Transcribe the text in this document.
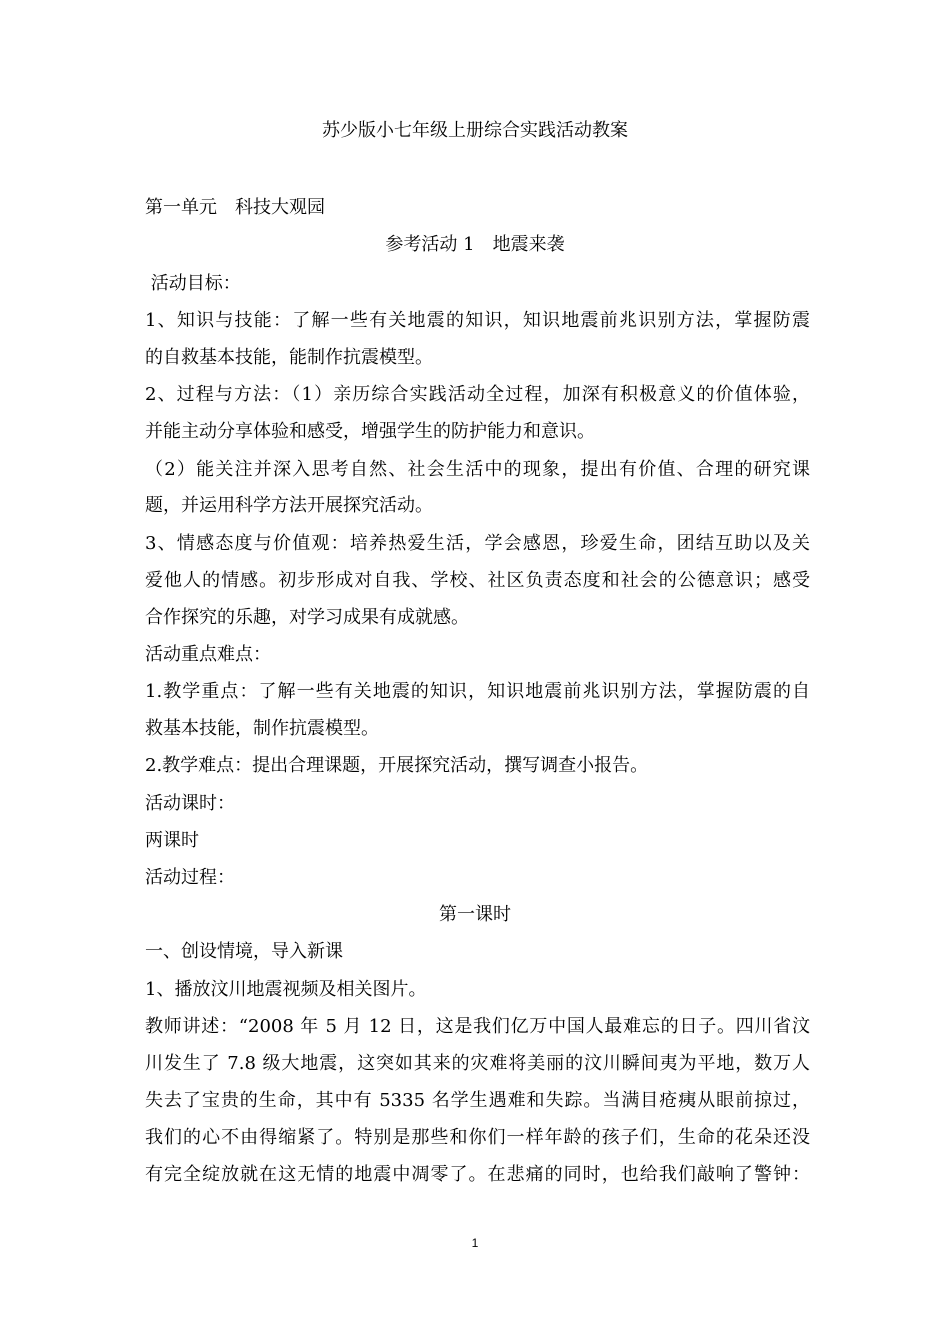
苏少版小七年级上册综合实践活动教案
第一单元　科技大观园
参考活动 1　地震来袭
活动目标：
1、知识与技能：了解一些有关地震的知识，知识地震前兆识别方法，掌握防震
的自救基本技能，能制作抗震模型。
2、过程与方法：（1）亲历综合实践活动全过程，加深有积极意义的价值体验，
并能主动分享体验和感受，增强学生的防护能力和意识。
（2）能关注并深入思考自然、社会生活中的现象，提出有价值、合理的研究课
题，并运用科学方法开展探究活动。
3、情感态度与价值观：培养热爱生活，学会感恩，珍爱生命，团结互助以及关
爱他人的情感。初步形成对自我、学校、社区负责态度和社会的公德意识；感受
合作探究的乐趣，对学习成果有成就感。
活动重点难点：
1.教学重点：了解一些有关地震的知识，知识地震前兆识别方法，掌握防震的自
救基本技能，制作抗震模型。
2.教学难点：提出合理课题，开展探究活动，撰写调查小报告。
活动课时：
两课时
活动过程：
第一课时
一、创设情境，导入新课
1、播放汶川地震视频及相关图片。
教师讲述：“2008 年 5 月 12 日，这是我们亿万中国人最难忘的日子。四川省汶
川发生了 7.8 级大地震，这突如其来的灾难将美丽的汶川瞬间夷为平地，数万人
失去了宝贵的生命，其中有 5335 名学生遇难和失踪。当满目疮痍从眼前掠过，
我们的心不由得缩紧了。特别是那些和你们一样年龄的孩子们，生命的花朵还没
有完全绽放就在这无情的地震中凋零了。在悲痛的同时，也给我们敲响了警钟：
1
